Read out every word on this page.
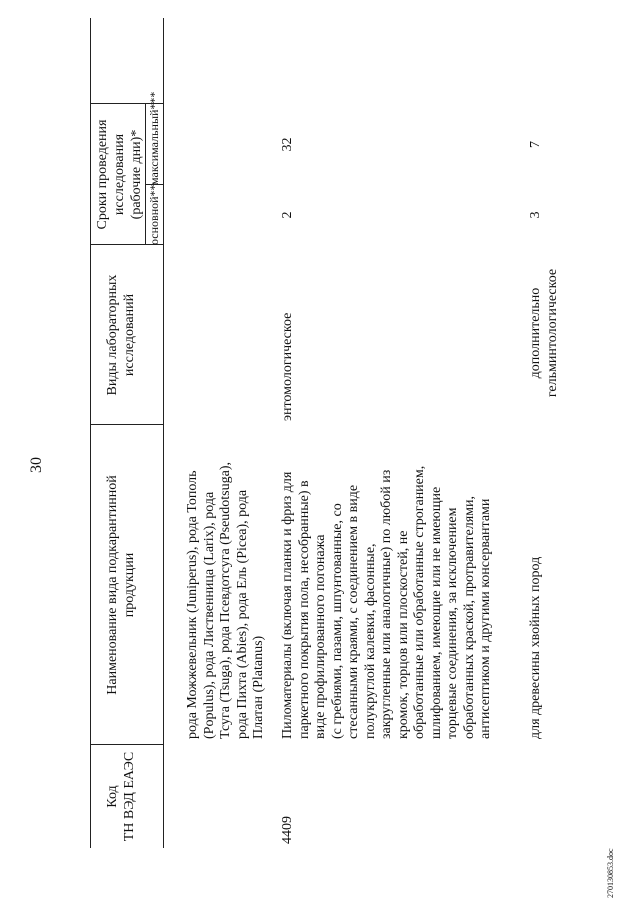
30
270130853.doc
Код ТН ВЭД ЕАЭС
Наименование вида подкарантинной продукции
Виды лабораторных исследований
Сроки проведения исследования (рабочие дни)* основной**
максимальный***
рода Можжевельник (Juniperus), рода Тополь (Populus), рода Лиственница (Larix), рода Тсуга (Tsuga), рода Псевдотсуга (Pseudotsuga), рода Пихта (Abies), рода Ель (Picea), рода Платан (Platanus)
4409
Пиломатериалы (включая планки и фриз для паркетного покрытия пола, несобранные) в виде профилированного погонажа (с гребнями, пазами, шпунтованные, со стесанными краями, с соединением в виде полукруглой калевки, фасонные, закругленные или аналогичные) по любой из кромок, торцов или плоскостей, не обработанные или обработанные строганием, шлифованием, имеющие или не имеющие торцевые соединения, за исключением обработанных краской, протравителями, антисептиком и другими консервантами
энтомологическое
2
32
для древесины хвойных пород
дополнительно гельминтологическое
3
7
